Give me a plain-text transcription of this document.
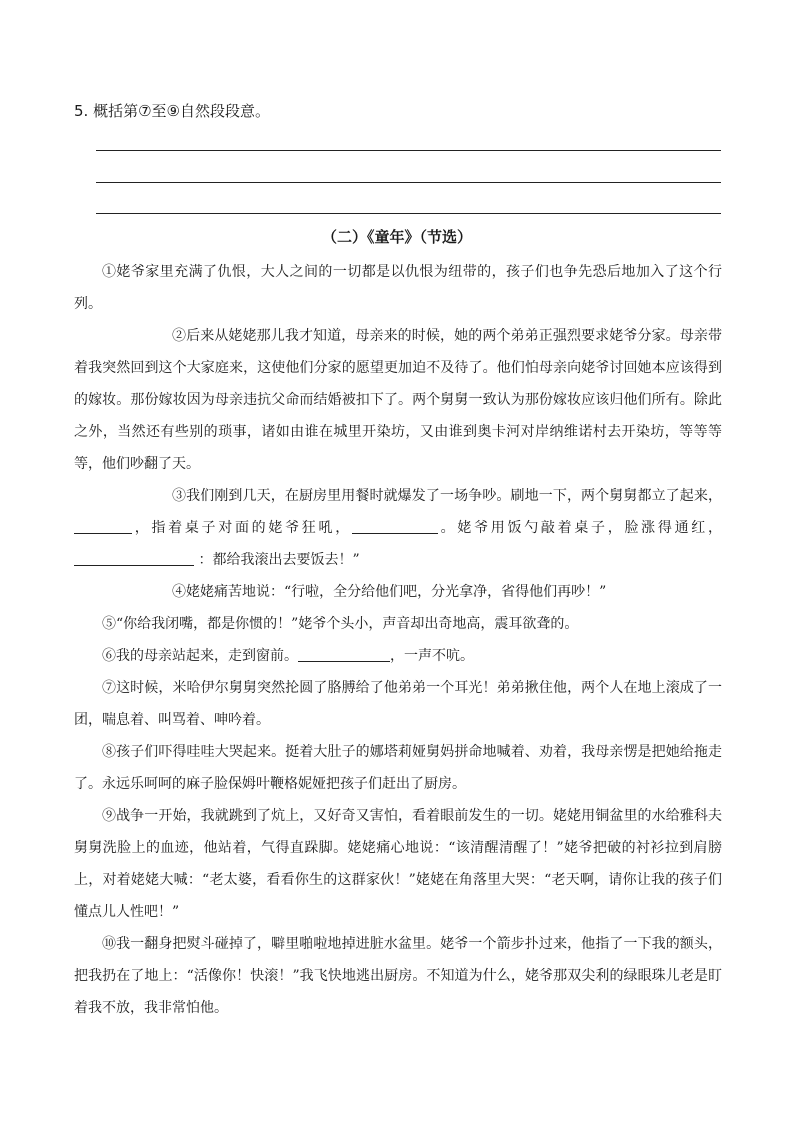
5. 概括第⑦至⑨自然段段意。
（二）《童年》（节选）

①姥爷家里充满了仇恨，大人之间的一切都是以仇恨为纽带的，孩子们也争先恐后地加入了这个行列。

②后来从姥姥那儿我才知道，母亲来的时候，她的两个弟弟正强烈要求姥爷分家。母亲带着我突然回到这个大家庭来，这使他们分家的愿望更加迫不及待了。他们怕母亲向姥爷讨回她本应该得到的嫁妆。那份嫁妆因为母亲违抗父命而结婚被扣下了。两个舅舅一致认为那份嫁妆应该归他们所有。除此之外，当然还有些别的琐事，诸如由谁在城里开染坊，又由谁到奥卡河对岸纳维诺村去开染坊，等等等等，他们吵翻了天。

③我们刚到几天，在厨房里用餐时就爆发了一场争吵。刷地一下，两个舅舅都立了起来，，指着桌子对面的姥爷狂吼，	。姥爷用饭勺敲着桌子，脸涨得通红，  ：都给我滚出去要饭去！”

④姥姥痛苦地说：“行啦，全分给他们吧，分光拿净，省得他们再吵！”

⑤“你给我闭嘴，都是你惯的！”姥爷个头小，声音却出奇地高，震耳欲聋的。

⑥我的母亲站起来，走到窗前。	，一声不吭。

⑦这时候，米哈伊尔舅舅突然抡圆了胳膊给了他弟弟一个耳光！弟弟揪住他，两个人在地上滚成了一团，喘息着、叫骂着、呻吟着。

⑧孩子们吓得哇哇大哭起来。挺着大肚子的娜塔莉娅舅妈拼命地喊着、劝着，我母亲愣是把她给拖走了。永远乐呵呵的麻子脸保姆叶鞭格妮娅把孩子们赶出了厨房。

⑨战争一开始，我就跳到了炕上，又好奇又害怕，看着眼前发生的一切。姥姥用铜盆里的水给雅科夫舅舅洗脸上的血迹，他站着，气得直跺脚。姥姥痛心地说：“该清醒清醒了！”姥爷把破的衬衫拉到肩膀上，对着姥姥大喊：“老太婆，看看你生的这群家伙！”姥姥在角落里大哭：“老天啊，请你让我的孩子们懂点儿人性吧！”

⑩我一翻身把熨斗碰掉了，噼里啪啦地掉进脏水盆里。姥爷一个箭步扑过来，他指了一下我的额头，把我扔在了地上：“活像你！快滚！”我飞快地逃出厨房。不知道为什么，姥爷那双尖利的绿眼珠儿老是盯着我不放，我非常怕他。
